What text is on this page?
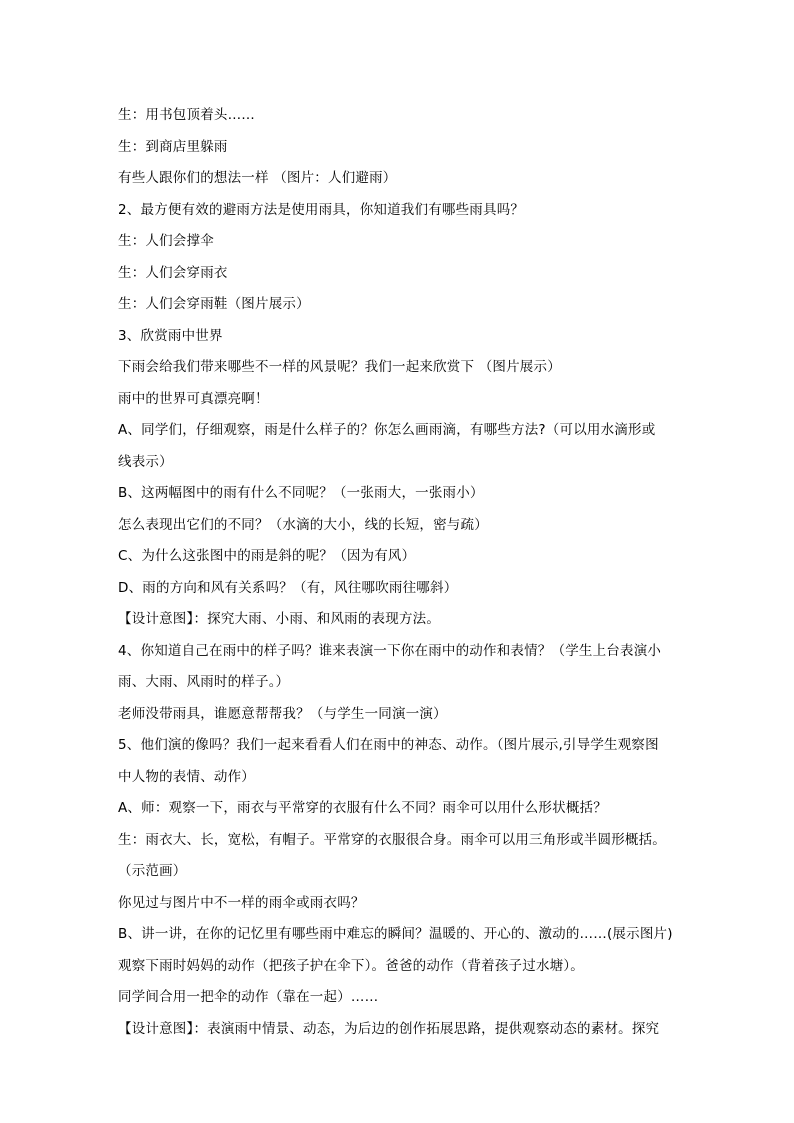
生：用书包顶着头……
生：到商店里躲雨
有些人跟你们的想法一样 （图片：人们避雨）
2、最方便有效的避雨方法是使用雨具，你知道我们有哪些雨具吗？
生：人们会撑伞
生：人们会穿雨衣
生：人们会穿雨鞋（图片展示）
3、欣赏雨中世界
下雨会给我们带来哪些不一样的风景呢？我们一起来欣赏下 （图片展示）
雨中的世界可真漂亮啊！
A、同学们，仔细观察，雨是什么样子的？你怎么画雨滴，有哪些方法?（可以用水滴形或
线表示）
B、这两幅图中的雨有什么不同呢？（一张雨大，一张雨小）
怎么表现出它们的不同？（水滴的大小，线的长短，密与疏）
C、为什么这张图中的雨是斜的呢？（因为有风）
D、雨的方向和风有关系吗？（有，风往哪吹雨往哪斜）
【设计意图】：探究大雨、小雨、和风雨的表现方法。
4、你知道自己在雨中的样子吗？谁来表演一下你在雨中的动作和表情？（学生上台表演小
雨、大雨、风雨时的样子。）
老师没带雨具，谁愿意帮帮我？（与学生一同演一演）
5、他们演的像吗？我们一起来看看人们在雨中的神态、动作。（图片展示,引导学生观察图
中人物的表情、动作）
A、师：观察一下，雨衣与平常穿的衣服有什么不同？雨伞可以用什么形状概括？
生：雨衣大、长，宽松，有帽子。平常穿的衣服很合身。雨伞可以用三角形或半圆形概括。
（示范画）
你见过与图片中不一样的雨伞或雨衣吗？
B、讲一讲，在你的记忆里有哪些雨中难忘的瞬间？温暖的、开心的、激动的……(展示图片)
观察下雨时妈妈的动作（把孩子护在伞下）。爸爸的动作（背着孩子过水塘）。
同学间合用一把伞的动作（靠在一起）……
【设计意图】：表演雨中情景、动态，为后边的创作拓展思路，提供观察动态的素材。探究
